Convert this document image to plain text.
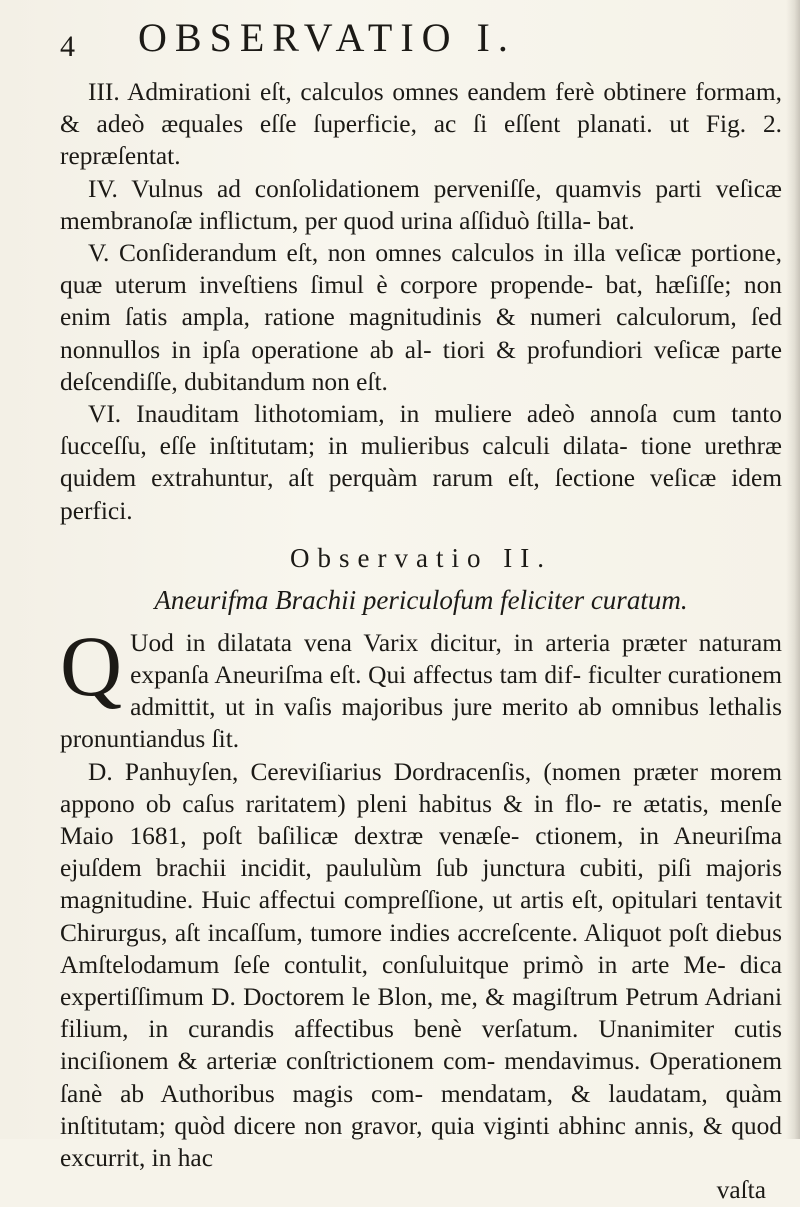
4 OBSERVATIO I.

III. Admirationi eſt, calculos omnes eandem ferè obtinere formam, & adeò æquales eſſe ſuperficie, ac ſi eſſent planati. ut Fig. 2. repræſentat.

IV. Vulnus ad conſolidationem perveniſſe, quamvis parti veſicæ membranoſæ inflictum, per quod urina aſſiduò ſtilla- bat.

V. Conſiderandum eſt, non omnes calculos in illa veſicæ portione, quæ uterum inveſtiens ſimul è corpore propende- bat, hæſiſſe; non enim ſatis ampla, ratione magnitudinis & numeri calculorum, ſed nonnullos in ipſa operatione ab al- tiori & profundiori veſicæ parte deſcendiſſe, dubitandum non eſt.

VI. Inauditam lithotomiam, in muliere adeò annoſa cum tanto ſucceſſu, eſſe inſtitutam; in mulieribus calculi dilata- tione urethræ quidem extrahuntur, aſt perquàm rarum eſt, ſectione veſicæ idem perfici.

Observatio II.
Aneurifma Brachii periculofum feliciter curatum.

Q Uod in dilatata vena Varix dicitur, in arteria præter naturam expanſa Aneuriſma eſt. Qui affectus tam dif- ficulter curationem admittit, ut in vaſis majoribus jure merito ab omnibus lethalis pronuntiandus ſit.

D. Panhuyſen, Cereviſiarius Dordracenſis, (nomen præter morem appono ob caſus raritatem) pleni habitus & in flo- re ætatis, menſe Maio 1681, poſt baſilicæ dextræ venæſe- ctionem, in Aneuriſma ejuſdem brachii incidit, paululùm ſub junctura cubiti, piſi majoris magnitudine. Huic affectui compreſſione, ut artis eſt, opitulari tentavit Chirurgus, aſt incaſſum, tumore indies accreſcente. Aliquot poſt diebus Amſtelodamum ſeſe contulit, conſuluitque primò in arte Me- dica expertiſſimum D. Doctorem le Blon, me, & magiſtrum Petrum Adriani filium, in curandis affectibus benè verſatum. Unanimiter cutis inciſionem & arteriæ conſtrictionem com- mendavimus. Operationem ſanè ab Authoribus magis com- mendatam, & laudatam, quàm inſtitutam; quòd dicere non gravor, quia viginti abhinc annis, & quod excurrit, in hac

vaſta
